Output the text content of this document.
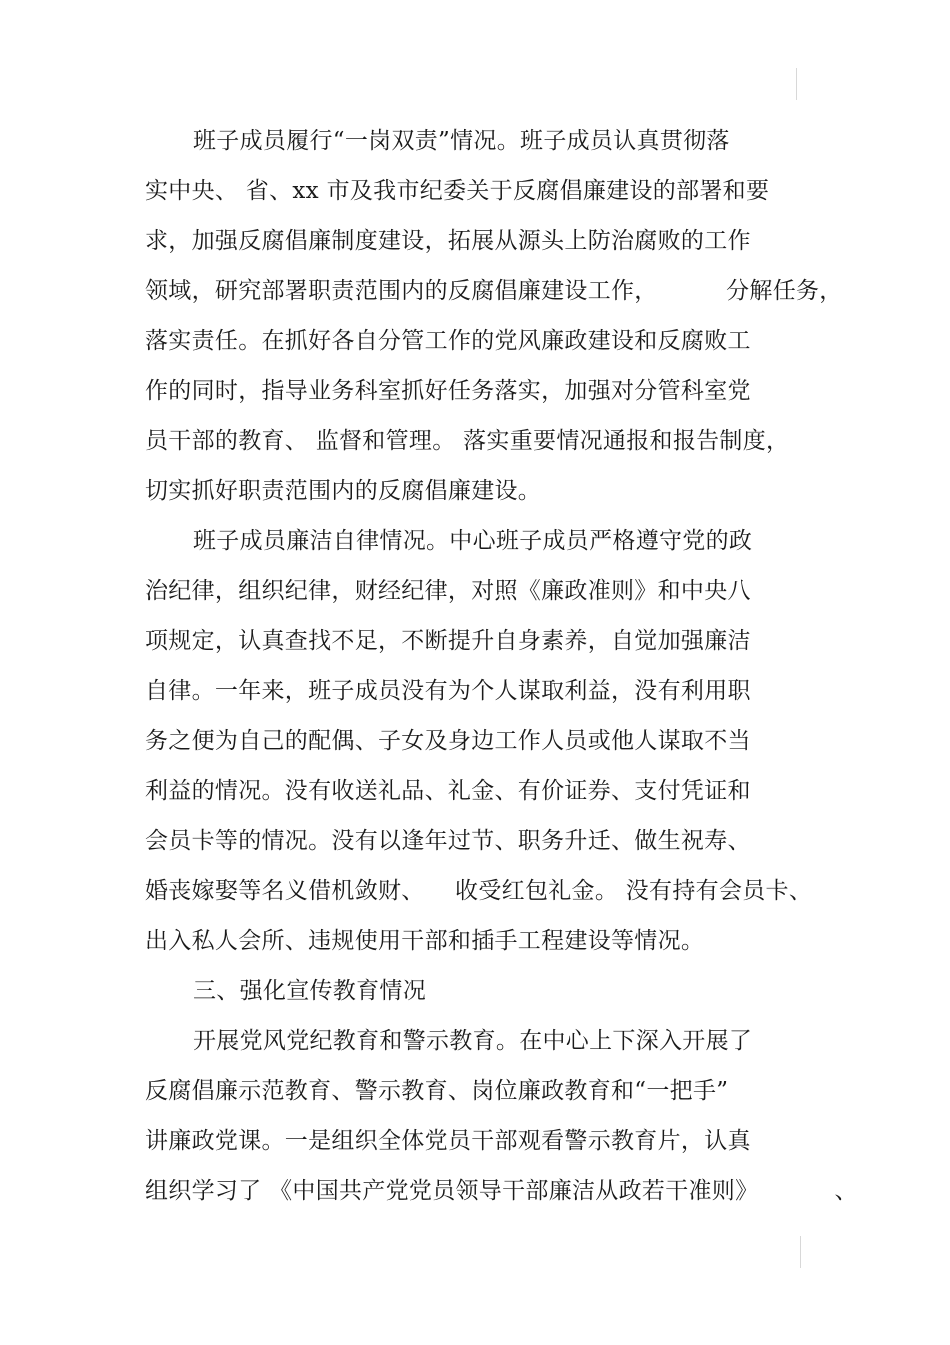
班子成员履行“一岗双责”情况。班子成员认真贯彻落
实中央、 省、xx 市及我市纪委关于反腐倡廉建设的部署和要
求，加强反腐倡廉制度建设，拓展从源头上防治腐败的工作
领域，研究部署职责范围内的反腐倡廉建设工作，         分解任务，
落实责任。在抓好各自分管工作的党风廉政建设和反腐败工
作的同时，指导业务科室抓好任务落实，加强对分管科室党
员干部的教育、 监督和管理。 落实重要情况通报和报告制度，
切实抓好职责范围内的反腐倡廉建设。
班子成员廉洁自律情况。中心班子成员严格遵守党的政
治纪律，组织纪律，财经纪律，对照《廉政准则》和中央八
项规定，认真查找不足，不断提升自身素养，自觉加强廉洁
自律。一年来，班子成员没有为个人谋取利益，没有利用职
务之便为自己的配偶、子女及身边工作人员或他人谋取不当
利益的情况。没有收送礼品、礼金、有价证券、支付凭证和
会员卡等的情况。没有以逢年过节、职务升迁、做生祝寿、
婚丧嫁娶等名义借机敛财、    收受红包礼金。 没有持有会员卡、
出入私人会所、违规使用干部和插手工程建设等情况。
三、强化宣传教育情况
开展党风党纪教育和警示教育。在中心上下深入开展了
反腐倡廉示范教育、警示教育、岗位廉政教育和“一把手”
讲廉政党课。一是组织全体党员干部观看警示教育片，认真
组织学习了 《中国共产党党员领导干部廉洁从政若干准则》          、
